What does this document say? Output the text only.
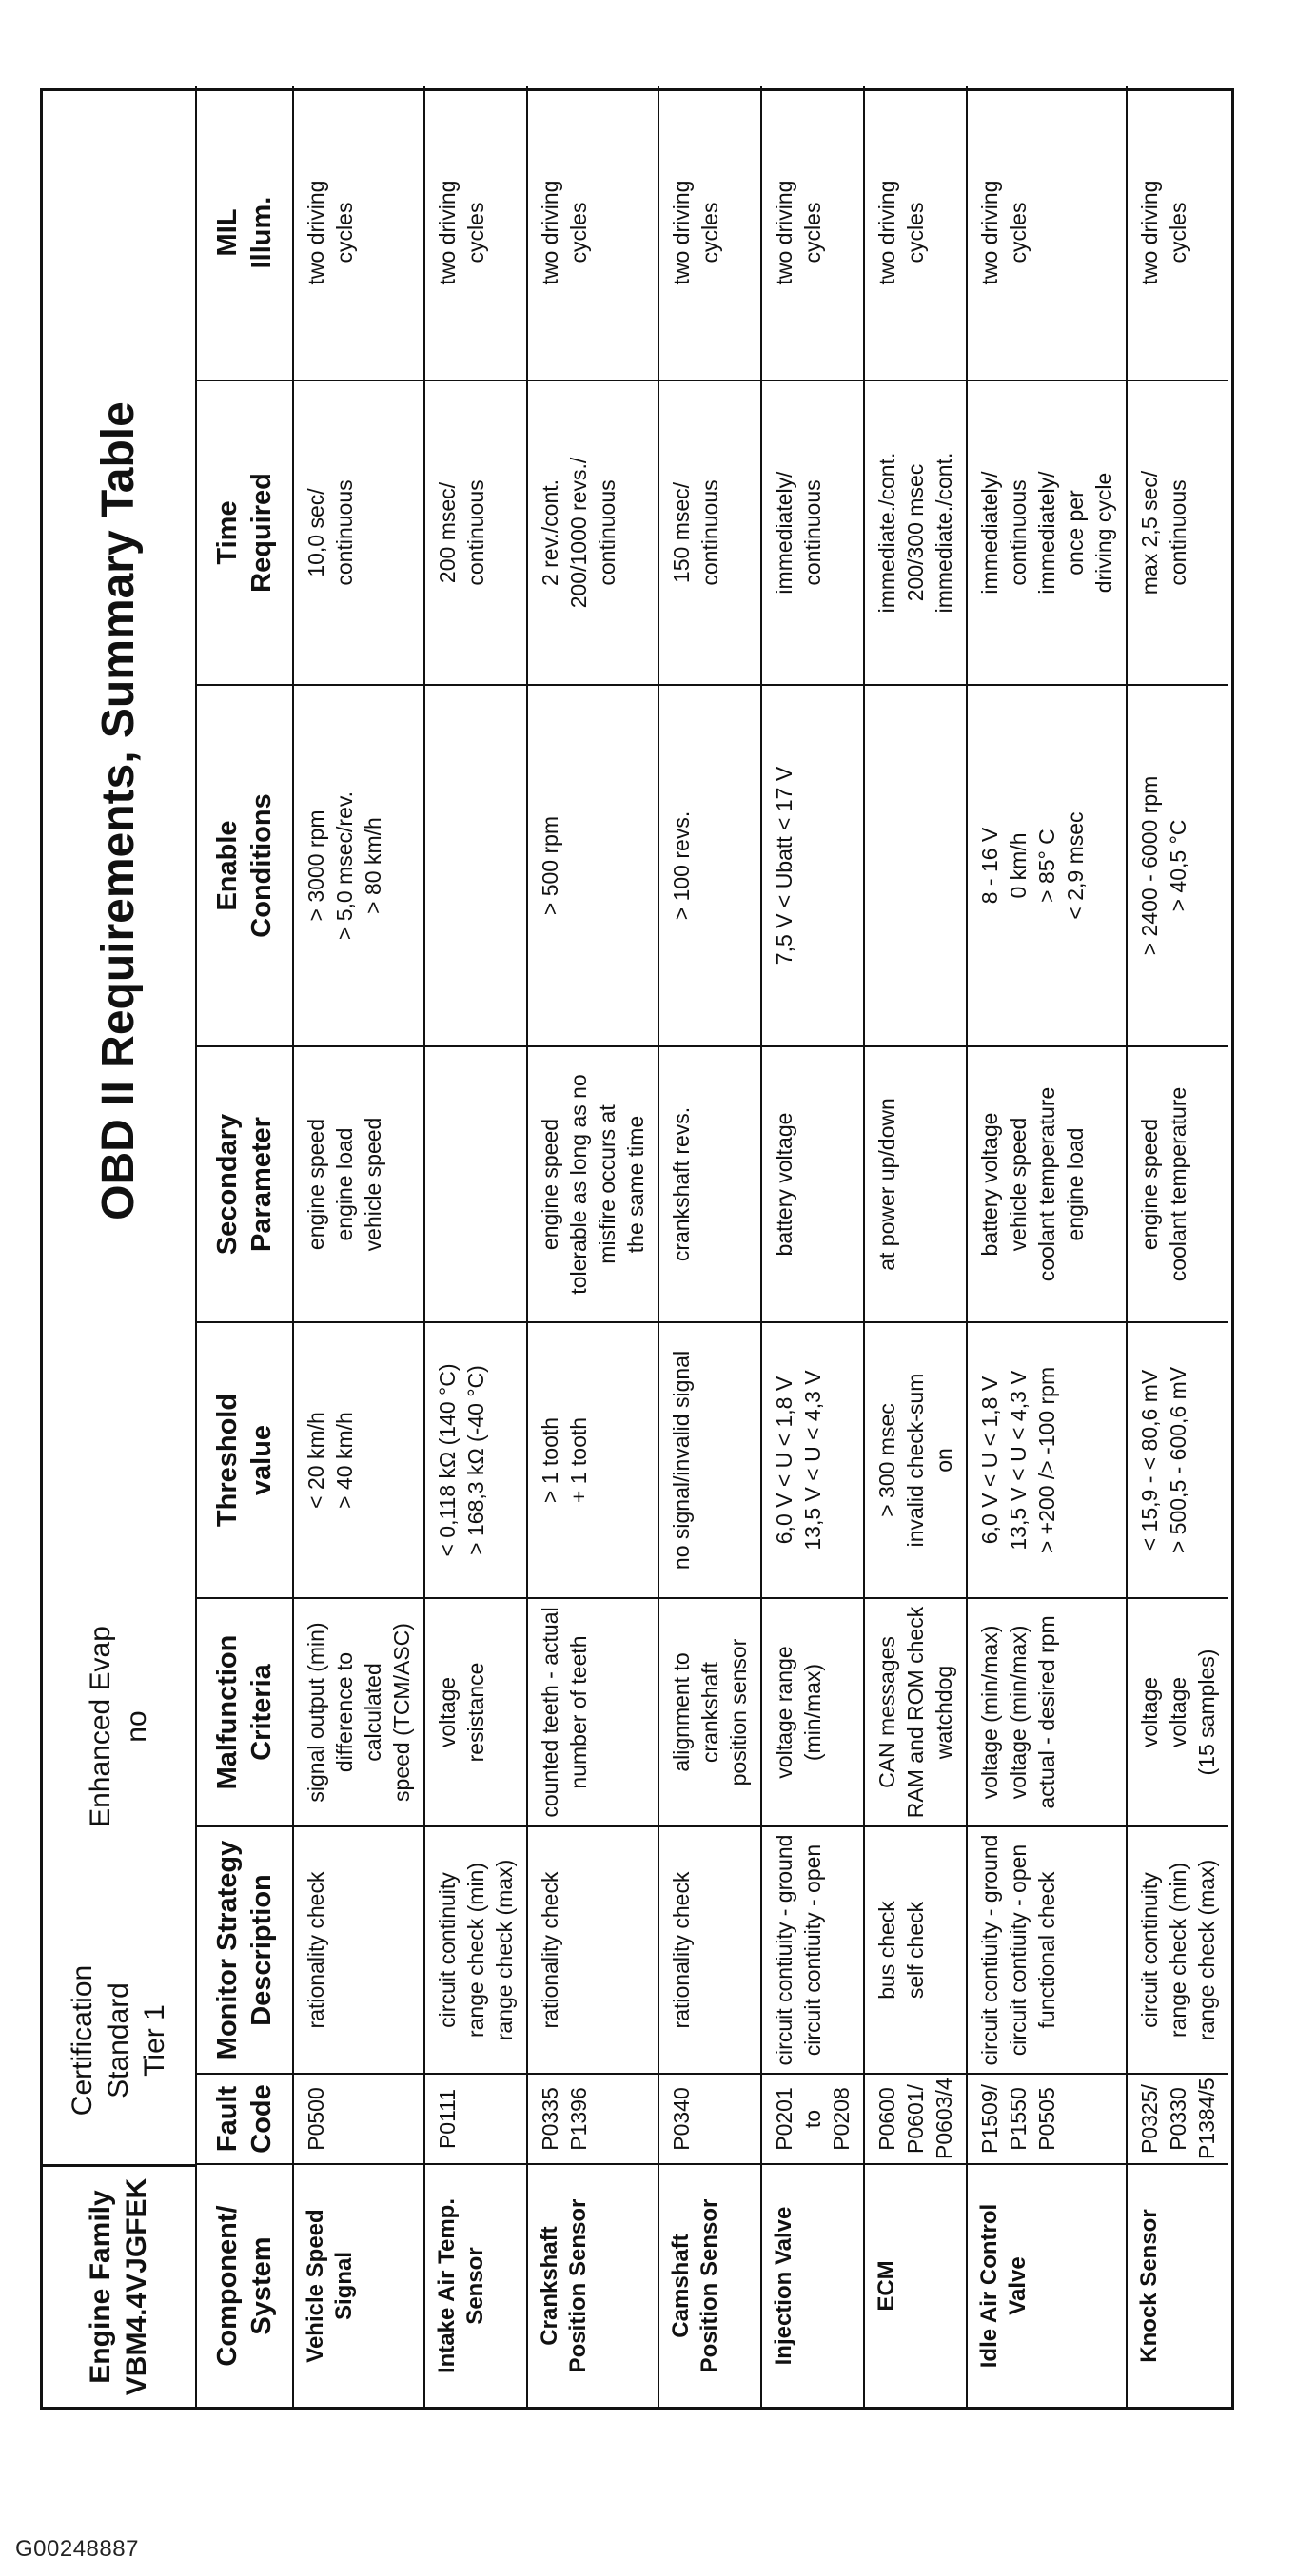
Engine Family VBM4.4VJGFEK
Certification Standard Tier 1
Enhanced Evap no
OBD II Requirements, Summary Table
Component/ System	Fault Code	Monitor Strategy Description	Malfunction Criteria	Threshold value	Secondary Parameter	Enable Conditions	Time Required	MIL Illum.

Vehicle Speed Signal	P0500	rationality check	signal output (min) difference to calculated speed (TCM/ASC)	< 20 km/h > 40 km/h	engine speed engine load vehicle speed	> 3000 rpm > 5,0 msec/rev. > 80 km/h	10,0 sec/ continuous	two driving cycles

Intake Air Temp. Sensor	P0111	circuit continuity range check (min) range check (max)	voltage resistance	< 0,118 kΩ (140 °C) > 168,3 kΩ (-40 °C)			200 msec/ continuous	two driving cycles

Crankshaft Position Sensor	P0335 P1396	rationality check	counted teeth - actual number of teeth	> 1 tooth + 1 tooth	engine speed tolerable as long as no misfire occurs at the same time	> 500 rpm	2 rev./cont. 200/1000 revs./ continuous	two driving cycles

Camshaft Position Sensor	P0340	rationality check	alignment to crankshaft position sensor	no signal/invalid signal	crankshaft revs.	> 100 revs.	150 msec/ continuous	two driving cycles

Injection Valve	P0201 to P0208	circuit contiuity - ground circuit contiuity - open	voltage range (min/max)	6,0 V < U < 1,8 V 13,5 V < U < 4,3 V	battery voltage	7,5 V < Ubatt < 17 V	immediately/ continuous	two driving cycles

ECM	P0600 P0601/ P0603/4	bus check self check	CAN messages RAM and ROM check watchdog	> 300 msec invalid check-sum on	at power up/down		immediate./cont. 200/300 msec immediate./cont.	two driving cycles

Idle Air Control Valve	P1509/ P1550 P0505	circuit contiuity - ground circuit contiuity - open functional check	voltage (min/max) voltage (min/max) actual - desired rpm	6,0 V < U < 1,8 V 13,5 V < U < 4,3 V > +200 /> -100 rpm	battery voltage vehicle speed coolant temperature engine load	8 - 16 V 0 km/h > 85° C < 2,9 msec	immediately/ continuous immediately/ once per driving cycle	two driving cycles

Knock Sensor	P0325/ P0330 P1384/5	circuit continuity range check (min) range check (max)	voltage voltage (15 samples)	< 15,9 - < 80,6 mV > 500,5 - 600,6 mV	engine speed coolant temperature	> 2400 - 6000 rpm > 40,5 °C	max 2,5 sec/ continuous	two driving cycles
G00248887
